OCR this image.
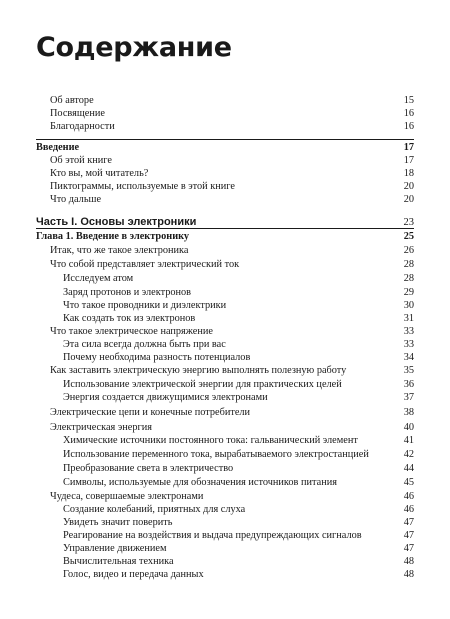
Содержание
Об авторе	15
Посвящение	16
Благодарности	16
Введение	17
Об этой книге	17
Кто вы, мой читатель?	18
Пиктограммы, используемые в этой книге	20
Что дальше	20
Часть I. Основы электроники	23
Глава 1. Введение в электронику	25
Итак, что же такое электроника	26
Что собой представляет электрический ток	28
Исследуем атом	28
Заряд протонов и электронов	29
Что такое проводники и диэлектрики	30
Как создать ток из электронов	31
Что такое электрическое напряжение	33
Эта сила всегда должна быть при вас	33
Почему необходима разность потенциалов	34
Как заставить электрическую энергию выполнять полезную работу	35
Использование электрической энергии для практических целей	36
Энергия создается движущимися электронами	37
Электрические цепи и конечные потребители	38
Электрическая энергия	40
Химические источники постоянного тока: гальванический элемент	41
Использование переменного тока, вырабатываемого электростанцией	42
Преобразование света в электричество	44
Символы, используемые для обозначения источников питания	45
Чудеса, совершаемые электронами	46
Создание колебаний, приятных для слуха	46
Увидеть значит поверить	47
Реагирование на воздействия и выдача предупреждающих сигналов	47
Управление движением	47
Вычислительная техника	48
Голос, видео и передача данных	48
